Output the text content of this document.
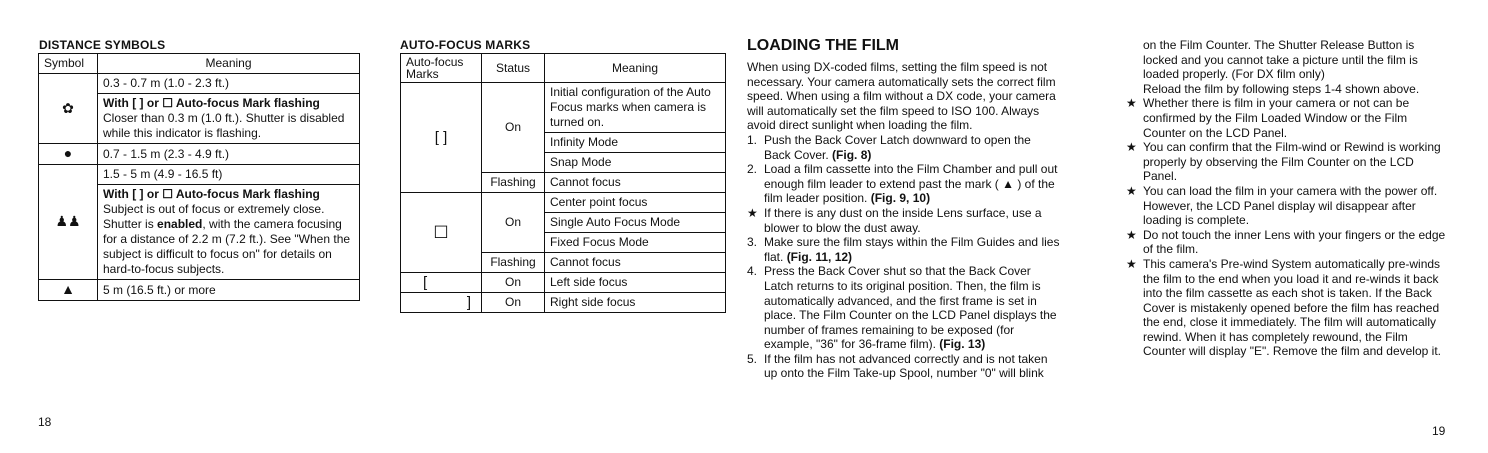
DISTANCE SYMBOLS
Symbol	Meaning
✿	0.3 - 0.7 m (1.0 - 2.3 ft.)

	With [ ] or ☐ Auto-focus Mark flashing
Closer than 0.3 m (1.0 ft.). Shutter is disabled while this indicator is flashing.

●	0.7 - 1.5 m (2.3 - 4.9 ft.)
♟♟	1.5 - 5 m (4.9 - 16.5 ft)

	With [ ] or ☐ Auto-focus Mark flashing
Subject is out of focus or extremely close. Shutter is enabled, with the camera focusing for a distance of 2.2 m (7.2 ft.). See "When the subject is difficult to focus on" for details on hard-to-focus subjects.

▲	5 m (16.5 ft.) or more
AUTO-FOCUS MARKS
Auto-focus Marks	Status	Meaning
[ ]	On	Initial configuration of the Auto Focus marks when camera is turned on.
		Infinity Mode
		Snap Mode
	Flashing	Cannot focus
☐	On	Center point focus
		Single Auto Focus Mode
		Fixed Focus Mode
	Flashing	Cannot focus
[	On	Left side focus
]	On	Right side focus
LOADING THE FILM

When using DX-coded films, setting the film speed is not necessary. Your camera automatically sets the correct film speed. When using a film without a DX code, your camera will automatically set the film speed to ISO 100. Always avoid direct sunlight when loading the film.

1. Push the Back Cover Latch downward to open the Back Cover. (Fig. 8)
2. Load a film cassette into the Film Chamber and pull out enough film leader to extend past the mark ( ▲ ) of the film leader position. (Fig. 9, 10)
★ If there is any dust on the inside Lens surface, use a blower to blow the dust away.
3. Make sure the film stays within the Film Guides and lies flat. (Fig. 11, 12)
4. Press the Back Cover shut so that the Back Cover Latch returns to its original position. Then, the film is automatically advanced, and the first frame is set in place. The Film Counter on the LCD Panel displays the number of frames remaining to be exposed (for example, "36" for 36-frame film). (Fig. 13)
5. If the film has not advanced correctly and is not taken up onto the Film Take-up Spool, number "0" will blink

on the Film Counter. The Shutter Release Button is locked and you cannot take a picture until the film is loaded properly. (For DX film only)

Reload the film by following steps 1-4 shown above.

★ Whether there is film in your camera or not can be confirmed by the Film Loaded Window or the Film Counter on the LCD Panel.
★ You can confirm that the Film-wind or Rewind is working properly by observing the Film Counter on the LCD Panel.
★ You can load the film in your camera with the power off. However, the LCD Panel display wil disappear after loading is complete.
★ Do not touch the inner Lens with your fingers or the edge of the film.
★ This camera's Pre-wind System automatically pre-winds the film to the end when you load it and re-winds it back into the film cassette as each shot is taken. If the Back Cover is mistakenly opened before the film has reached the end, close it immediately. The film will automatically rewind. When it has completely rewound, the Film Counter will display "E". Remove the film and develop it.
18
19
